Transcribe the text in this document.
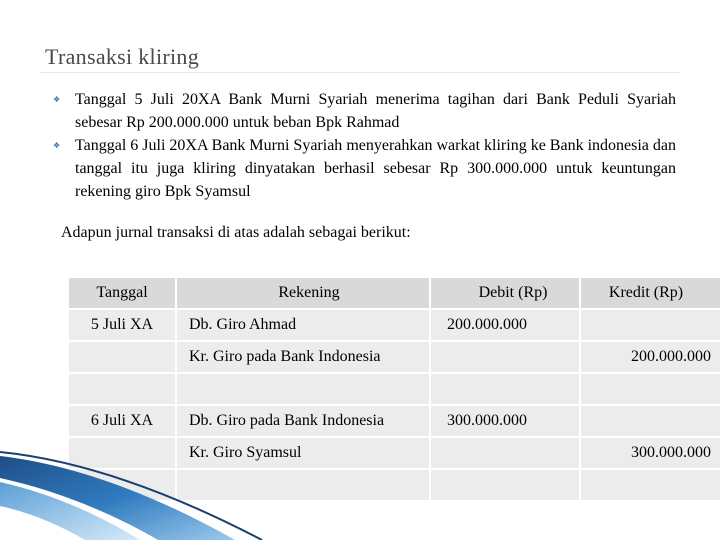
Transaksi kliring
❖ Tanggal 5 Juli 20XA Bank Murni Syariah menerima tagihan dari Bank Peduli Syariah sebesar Rp 200.000.000 untuk beban Bpk Rahmad
❖ Tanggal 6 Juli 20XA Bank Murni Syariah menyerahkan warkat kliring ke Bank indonesia dan tanggal itu juga kliring dinyatakan berhasil sebesar Rp 300.000.000 untuk keuntungan rekening giro Bpk Syamsul
Adapun jurnal transaksi di atas adalah sebagai berikut:
Tanggal	Rekening	Debit (Rp)	Kredit (Rp)
5 Juli XA	Db. Giro Ahmad	200.000.000	
	Kr. Giro pada Bank Indonesia		200.000.000

6 Juli XA	Db. Giro pada Bank Indonesia	300.000.000	
	Kr. Giro Syamsul		300.000.000
